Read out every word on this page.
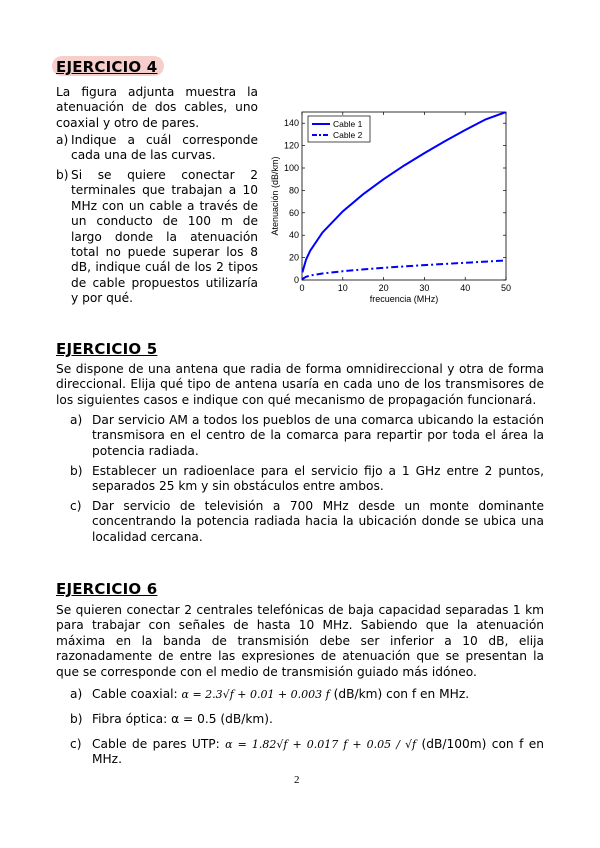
EJERCICIO 4
La figura adjunta muestra la atenuación de dos cables, uno coaxial y otro de pares.
a) Indique a cuál corresponde cada una de las curvas.
b) Si se quiere conectar 2 terminales que trabajan a 10 MHz con un cable a través de un conducto de 100 m de largo donde la atenuación total no puede superar los 8 dB, indique cuál de los 2 tipos de cable propuestos utilizaría y por qué.
0	10	20	30	40	50
0
20
40
60
80
100
120
140
frecuencia (MHz)
Atenuación (dB/km)
Cable 1
Cable 2
EJERCICIO 5
Se dispone de una antena que radia de forma omnidireccional y otra de forma direccional. Elija qué tipo de antena usaría en cada uno de los transmisores de los siguientes casos e indique con qué mecanismo de propagación funcionará.
a) Dar servicio AM a todos los pueblos de una comarca ubicando la estación transmisora en el centro de la comarca para repartir por toda el área la potencia radiada.
b) Establecer un radioenlace para el servicio fijo a 1 GHz entre 2 puntos, separados 25 km y sin obstáculos entre ambos.
c) Dar servicio de televisión a 700 MHz desde un monte dominante concentrando la potencia radiada hacia la ubicación donde se ubica una localidad cercana.
EJERCICIO 6
Se quieren conectar 2 centrales telefónicas de baja capacidad separadas 1 km para trabajar con señales de hasta 10 MHz. Sabiendo que la atenuación máxima en la banda de transmisión debe ser inferior a 10 dB, elija razonadamente de entre las expresiones de atenuación que se presentan la que se corresponde con el medio de transmisión guiado más idóneo.
a) Cable coaxial: α = 2.3√f + 0.01 + 0.003 f (dB/km) con f en MHz.
b) Fibra óptica: α = 0.5 (dB/km).
c) Cable de pares UTP: α = 1.82√f + 0.017 f + 0.05 / √f (dB/100m) con f en MHz.
2
